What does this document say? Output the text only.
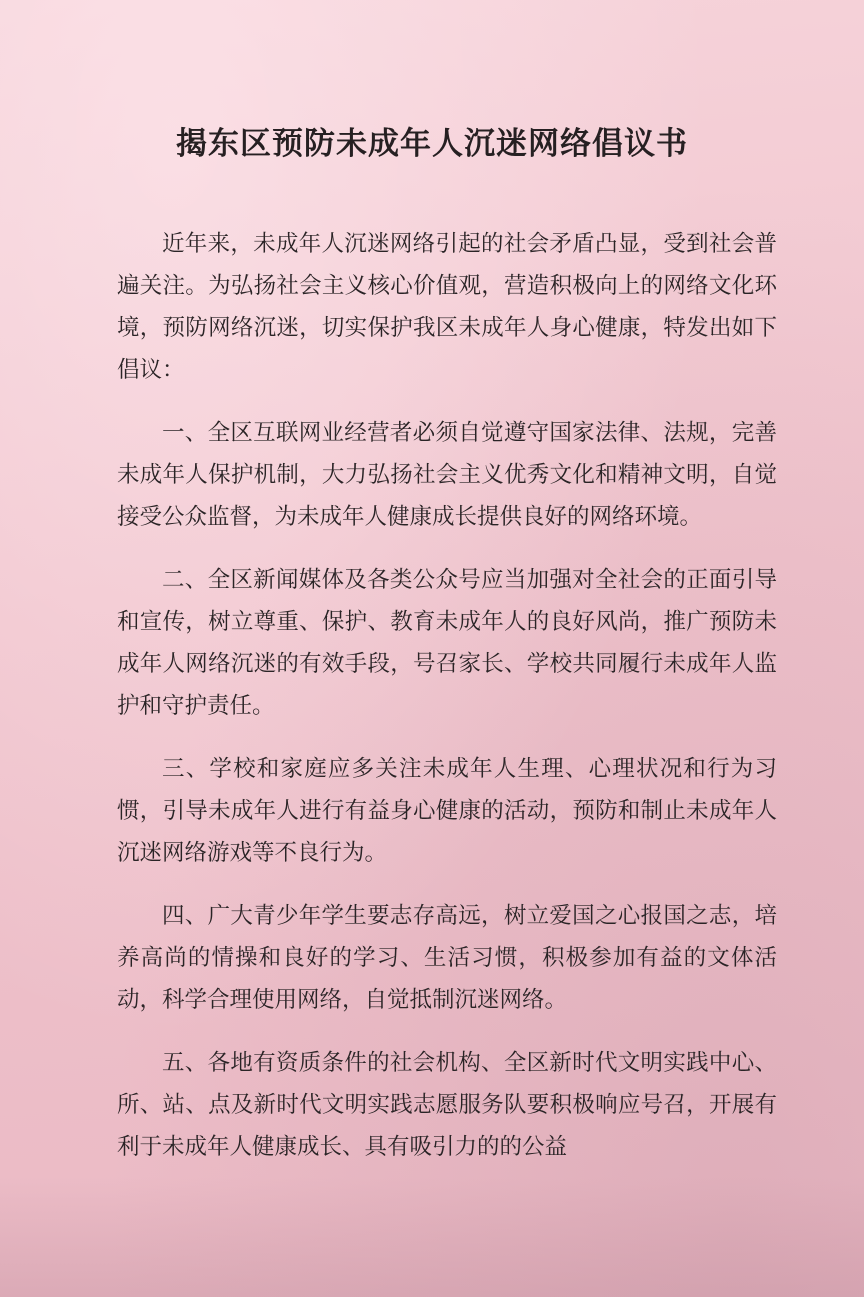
揭东区预防未成年人沉迷网络倡议书

近年来，未成年人沉迷网络引起的社会矛盾凸显，受到社会普遍关注。为弘扬社会主义核心价值观，营造积极向上的网络文化环境，预防网络沉迷，切实保护我区未成年人身心健康，特发出如下倡议：

一、全区互联网业经营者必须自觉遵守国家法律、法规，完善未成年人保护机制，大力弘扬社会主义优秀文化和精神文明，自觉接受公众监督，为未成年人健康成长提供良好的网络环境。

二、全区新闻媒体及各类公众号应当加强对全社会的正面引导和宣传，树立尊重、保护、教育未成年人的良好风尚，推广预防未成年人网络沉迷的有效手段，号召家长、学校共同履行未成年人监护和守护责任。

三、学校和家庭应多关注未成年人生理、心理状况和行为习惯，引导未成年人进行有益身心健康的活动，预防和制止未成年人沉迷网络游戏等不良行为。

四、广大青少年学生要志存高远，树立爱国之心报国之志，培养高尚的情操和良好的学习、生活习惯，积极参加有益的文体活动，科学合理使用网络，自觉抵制沉迷网络。

五、各地有资质条件的社会机构、全区新时代文明实践中心、所、站、点及新时代文明实践志愿服务队要积极响应号召，开展有利于未成年人健康成长、具有吸引力的的公益
